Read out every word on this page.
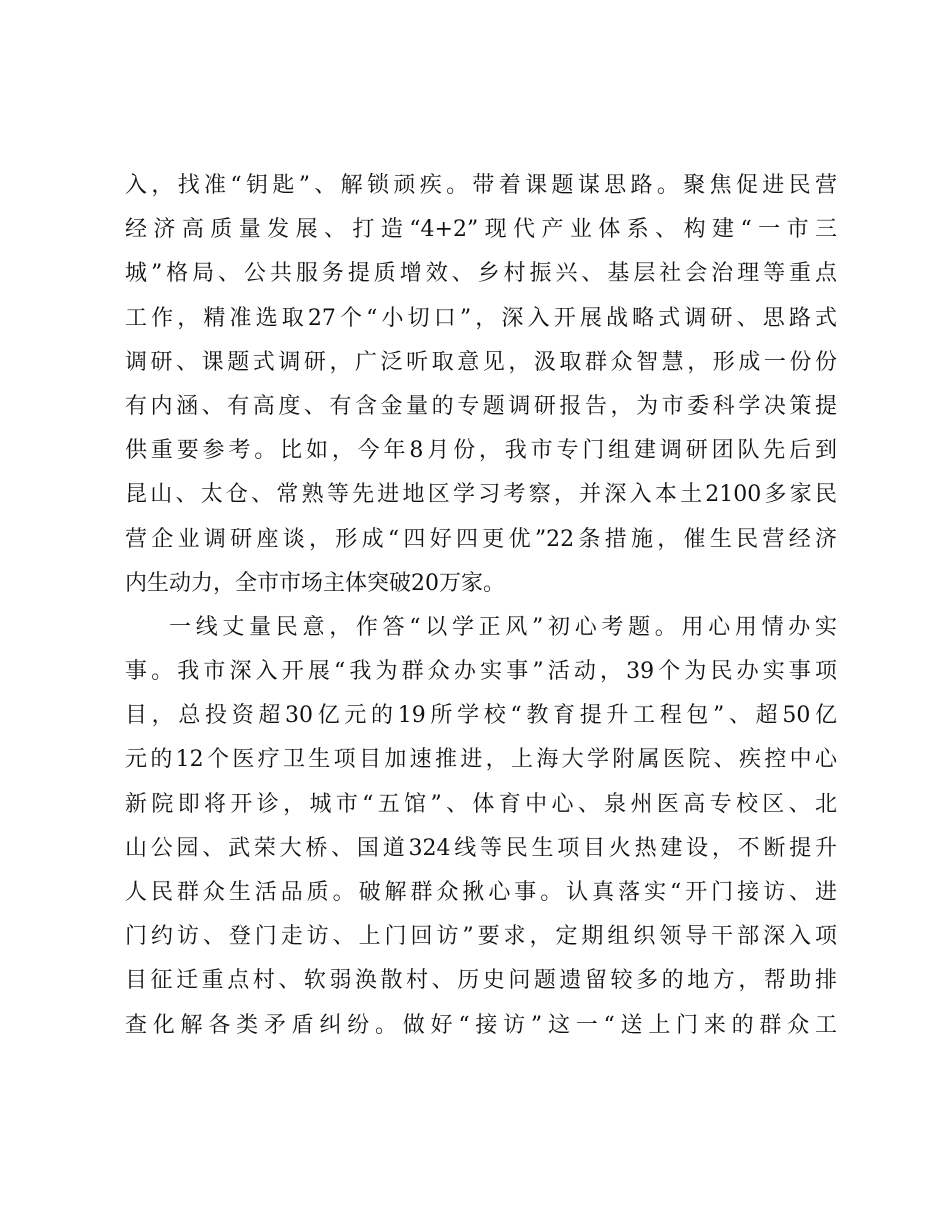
入，找准“钥匙”、解锁顽疾。带着课题谋思路。聚焦促进民营
经济高质量发展、打造“4+2”现代产业体系、构建“一市三
城”格局、公共服务提质增效、乡村振兴、基层社会治理等重点
工作，精准选取27个“小切口”，深入开展战略式调研、思路式
调研、课题式调研，广泛听取意见，汲取群众智慧，形成一份份
有内涵、有高度、有含金量的专题调研报告，为市委科学决策提
供重要参考。比如，今年8月份，我市专门组建调研团队先后到
昆山、太仓、常熟等先进地区学习考察，并深入本土2100多家民
营企业调研座谈，形成“四好四更优”22条措施，催生民营经济
内生动力，全市市场主体突破20万家。
一线丈量民意，作答“以学正风”初心考题。用心用情办实
事。我市深入开展“我为群众办实事”活动，39个为民办实事项
目，总投资超30亿元的19所学校“教育提升工程包”、超50亿
元的12个医疗卫生项目加速推进，上海大学附属医院、疾控中心
新院即将开诊，城市“五馆”、体育中心、泉州医高专校区、北
山公园、武荣大桥、国道324线等民生项目火热建设，不断提升
人民群众生活品质。破解群众揪心事。认真落实“开门接访、进
门约访、登门走访、上门回访”要求，定期组织领导干部深入项
目征迁重点村、软弱涣散村、历史问题遗留较多的地方，帮助排
查化解各类矛盾纠纷。做好“接访”这一“送上门来的群众工
